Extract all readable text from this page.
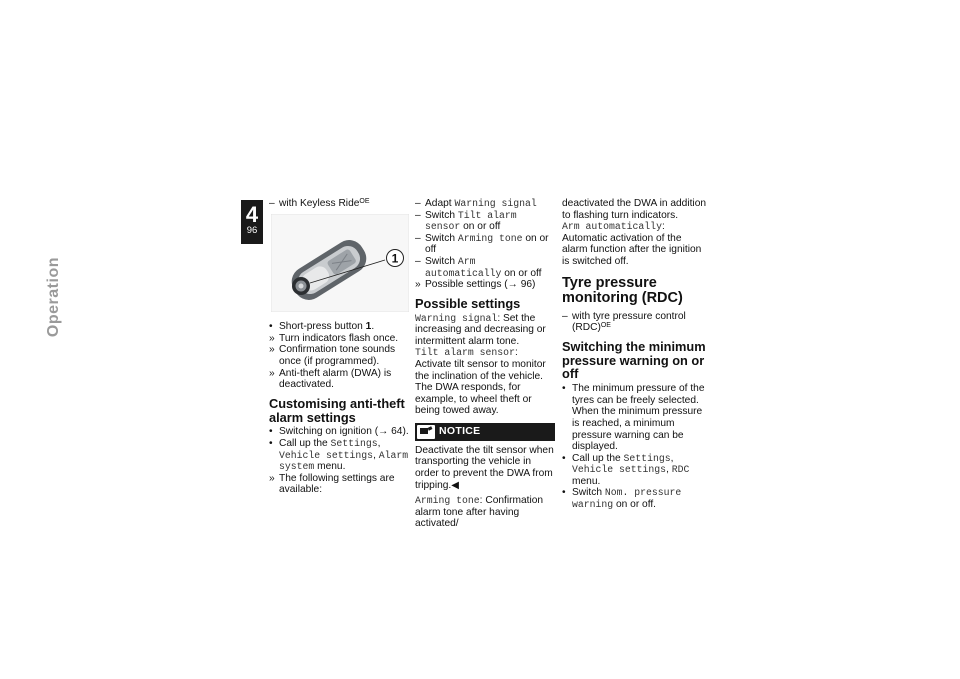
4
96
Operation

– with Keyless Ride$^{OE}$

1

• Short-press button 1.

» Turn indicators flash once.

» Confirmation tone sounds once (if programmed).

» Anti-theft alarm (DWA) is deactivated.

Customising anti-theft alarm settings

• Switching on ignition (→ 64).

• Call up the Settings, Vehicle settings, Alarm system menu.

» The following settings are available:

– Adapt Warning signal

– Switch Tilt alarm sensor on or off

– Switch Arming tone on or off

– Switch Arm automatically on or off

» Possible settings (→ 96)

Possible settings

Warning signal: Set the increasing and decreasing or intermittent alarm tone.

Tilt alarm sensor: Activate tilt sensor to monitor the inclination of the vehicle. The DWA responds, for example, to wheel theft or being towed away.

NOTICE

Deactivate the tilt sensor when transporting the vehicle in order to prevent the DWA from tripping.◀

Arming tone: Confirmation alarm tone after having activated/

deactivated the DWA in addition to flashing turn indicators.

Arm automatically: Automatic activation of the alarm function after the ignition is switched off.

Tyre pressure monitoring (RDC)

– with tyre pressure control (RDC)$^{OE}$

Switching the minimum pressure warning on or off

• The minimum pressure of the tyres can be freely selected. When the minimum pressure is reached, a minimum pressure warning can be displayed.

• Call up the Settings, Vehicle settings, RDC menu.

• Switch Nom. pressure warning on or off.
